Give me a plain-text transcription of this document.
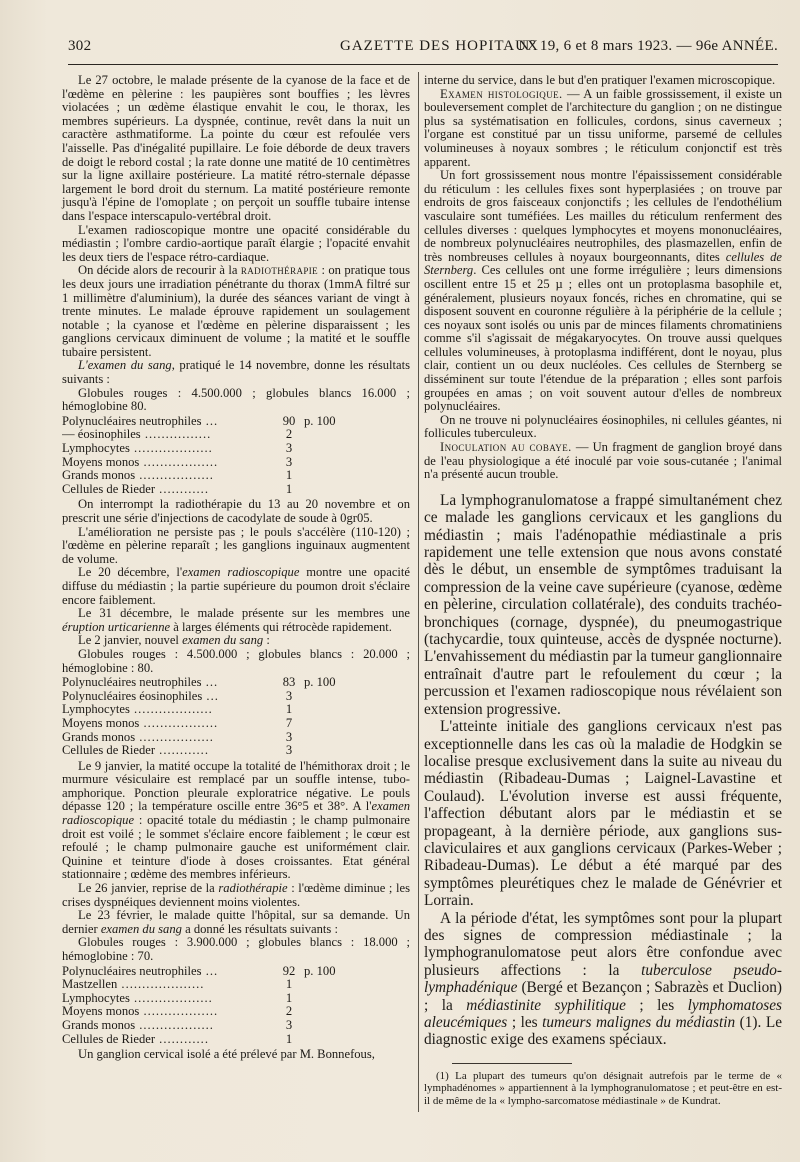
302	GAZETTE DES HOPITAUX
N° 19, 6 et 8 mars 1923. — 96e ANNÉE.

Le 27 octobre, le malade présente de la cyanose de la face et de l'œdème en pèlerine : les paupières sont bouffies ; les lèvres violacées ; un œdème élastique envahit le cou, le thorax, les membres supérieurs. La dyspnée, continue, revêt dans la nuit un caractère asthmatiforme. La pointe du cœur est refoulée vers l'aisselle. Pas d'inégalité pupillaire. Le foie déborde de deux travers de doigt le rebord costal ; la rate donne une matité de 10 centimètres sur la ligne axillaire postérieure. La matité rétro-sternale dépasse largement le bord droit du sternum. La matité postérieure remonte jusqu'à l'épine de l'omoplate ; on perçoit un souffle tubaire intense dans l'espace interscapulo-vertébral droit.

L'examen radioscopique montre une opacité considérable du médiastin ; l'ombre cardio-aortique paraît élargie ; l'opacité envahit les deux tiers de l'espace rétro-cardiaque.

On décide alors de recourir à la radiothérapie : on pratique tous les deux jours une irradiation pénétrante du thorax (1mmA filtré sur 1 millimètre d'aluminium), la durée des séances variant de vingt à trente minutes. Le malade éprouve rapidement un soulagement notable ; la cyanose et l'œdème en pèlerine disparaissent ; les ganglions cervicaux diminuent de volume ; la matité et le souffle tubaire persistent.

L'examen du sang, pratiqué le 14 novembre, donne les résultats suivants :

Globules rouges : 4.500.000 ; globules blancs 16.000 ; hémoglobine 80.

Polynucléaires neutrophiles ...	90	p. 100
— éosinophiles ................	2	
Lymphocytes ...................	3	
Moyens monos ..................	3	
Grands monos ..................	1	
Cellules de Rieder ............	1	

On interrompt la radiothérapie du 13 au 20 novembre et on prescrit une série d'injections de cacodylate de soude à 0gr05.

L'amélioration ne persiste pas ; le pouls s'accélère (110-120) ; l'œdème en pèlerine reparaît ; les ganglions inguinaux augmentent de volume.

Le 20 décembre, l'examen radioscopique montre une opacité diffuse du médiastin ; la partie supérieure du poumon droit s'éclaire encore faiblement.

Le 31 décembre, le malade présente sur les membres une éruption urticarienne à larges éléments qui rétrocède rapidement.

Le 2 janvier, nouvel examen du sang :

Globules rouges : 4.500.000 ; globules blancs : 20.000 ; hémoglobine : 80.

Polynucléaires neutrophiles ...	83	p. 100
Polynucléaires éosinophiles ...	3	
Lymphocytes ...................	1	
Moyens monos ..................	7	
Grands monos ..................	3	
Cellules de Rieder ............	3	

Le 9 janvier, la matité occupe la totalité de l'hémithorax droit ; le murmure vésiculaire est remplacé par un souffle intense, tubo-amphorique. Ponction pleurale exploratrice négative. Le pouls dépasse 120 ; la température oscille entre 36°5 et 38°. A l'examen radioscopique : opacité totale du médiastin ; le champ pulmonaire droit est voilé ; le sommet s'éclaire encore faiblement ; le cœur est refoulé ; le champ pulmonaire gauche est uniformément clair. Quinine et teinture d'iode à doses croissantes. Etat général stationnaire ; œdème des membres inférieurs.

Le 26 janvier, reprise de la radiothérapie : l'œdème diminue ; les crises dyspnéiques deviennent moins violentes.

Le 23 février, le malade quitte l'hôpital, sur sa demande. Un dernier examen du sang a donné les résultats suivants :

Globules rouges : 3.900.000 ; globules blancs : 18.000 ; hémoglobine : 70.

Polynucléaires neutrophiles ...	92	p. 100
Mastzellen ....................	1	
Lymphocytes ...................	1	
Moyens monos ..................	2	
Grands monos ..................	3	
Cellules de Rieder ............	1	

Un ganglion cervical isolé a été prélevé par M. Bonnefous,

interne du service, dans le but d'en pratiquer l'examen microscopique.

Examen histologique. — A un faible grossissement, il existe un bouleversement complet de l'architecture du ganglion ; on ne distingue plus sa systématisation en follicules, cordons, sinus caverneux ; l'organe est constitué par un tissu uniforme, parsemé de cellules volumineuses à noyaux sombres ; le réticulum conjonctif est très apparent.

Un fort grossissement nous montre l'épaississement considérable du réticulum : les cellules fixes sont hyperplasiées ; on trouve par endroits de gros faisceaux conjonctifs ; les cellules de l'endothélium vasculaire sont tuméfiées. Les mailles du réticulum renferment des cellules diverses : quelques lymphocytes et moyens mononucléaires, de nombreux polynucléaires neutrophiles, des plasmazellen, enfin de très nombreuses cellules à noyaux bourgeonnants, dites cellules de Sternberg. Ces cellules ont une forme irrégulière ; leurs dimensions oscillent entre 15 et 25 µ ; elles ont un protoplasma basophile et, généralement, plusieurs noyaux foncés, riches en chromatine, qui se disposent souvent en couronne régulière à la périphérie de la cellule ; ces noyaux sont isolés ou unis par de minces filaments chromatiniens comme s'il s'agissait de mégakaryocytes. On trouve aussi quelques cellules volumineuses, à protoplasma indifférent, dont le noyau, plus clair, contient un ou deux nucléoles. Ces cellules de Sternberg se disséminent sur toute l'étendue de la préparation ; elles sont parfois groupées en amas ; on voit souvent autour d'elles de nombreux polynucléaires.

On ne trouve ni polynucléaires éosinophiles, ni cellules géantes, ni follicules tuberculeux.

Inoculation au cobaye. — Un fragment de ganglion broyé dans de l'eau physiologique a été inoculé par voie sous-cutanée ; l'animal n'a présenté aucun trouble.

La lymphogranulomatose a frappé simultanément chez ce malade les ganglions cervicaux et les ganglions du médiastin ; mais l'adénopathie médiastinale a pris rapidement une telle extension que nous avons constaté dès le début, un ensemble de symptômes traduisant la compression de la veine cave supérieure (cyanose, œdème en pèlerine, circulation collatérale), des conduits trachéo-bronchiques (cornage, dyspnée), du pneumogastrique (tachycardie, toux quinteuse, accès de dyspnée nocturne). L'envahissement du médiastin par la tumeur ganglionnaire entraînait d'autre part le refoulement du cœur ; la percussion et l'examen radioscopique nous révélaient son extension progressive.

L'atteinte initiale des ganglions cervicaux n'est pas exceptionnelle dans les cas où la maladie de Hodgkin se localise presque exclusivement dans la suite au niveau du médiastin (Ribadeau-Dumas ; Laignel-Lavastine et Coulaud). L'évolution inverse est aussi fréquente, l'affection débutant alors par le médiastin et se propageant, à la dernière période, aux ganglions sus-claviculaires et aux ganglions cervicaux (Parkes-Weber ; Ribadeau-Dumas). Le début a été marqué par des symptômes pleurétiques chez le malade de Génévrier et Lorrain.

A la période d'état, les symptômes sont pour la plupart des signes de compression médiastinale ; la lymphogranulomatose peut alors être confondue avec plusieurs affections : la tuberculose pseudo-lymphadénique (Bergé et Bezançon ; Sabrazès et Duclion) ; la médiastinite syphilitique ; les lymphomatoses aleucémiques ; les tumeurs malignes du médiastin (1). Le diagnostic exige des examens spéciaux.

(1) La plupart des tumeurs qu'on désignait autrefois par le terme de « lymphadénomes » appartiennent à la lymphogranulomatose ; et peut-être en est-il de même de la « lympho-sarcomatose médiastinale » de Kundrat.
